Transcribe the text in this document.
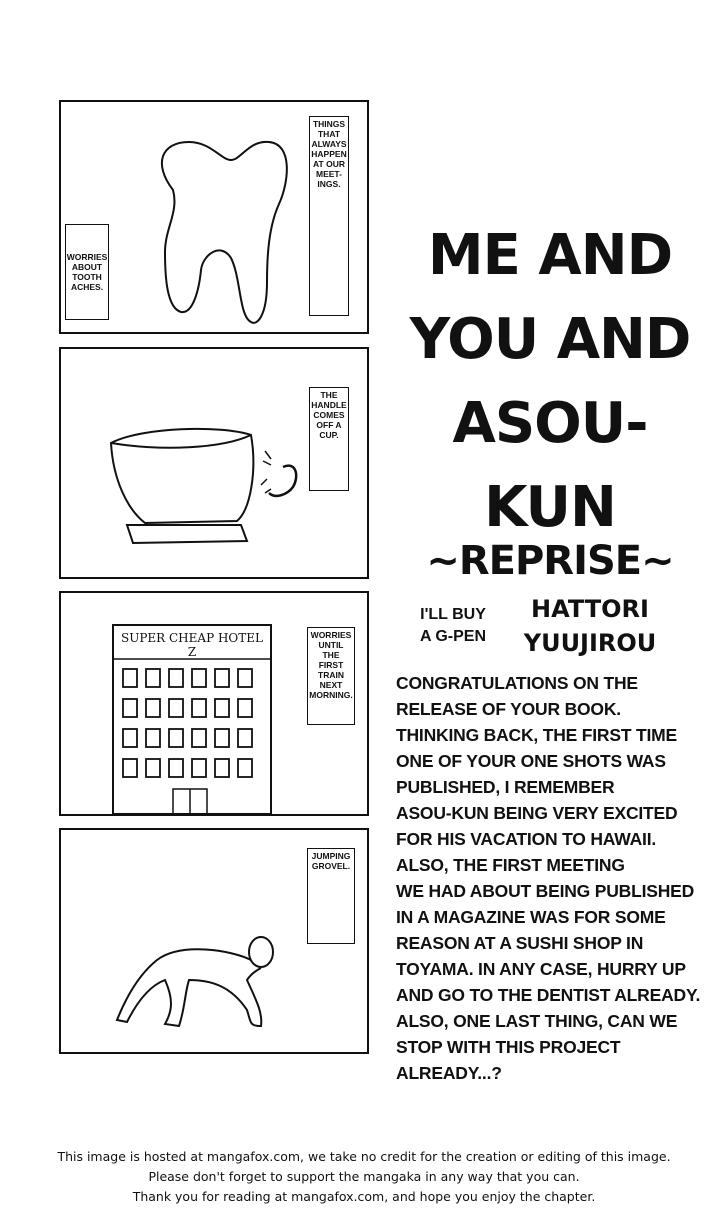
THINGS
THAT
ALWAYS
HAPPEN
AT OUR
MEET-
INGS.
WORRIES
ABOUT
TOOTH
ACHES.
THE
HANDLE
COMES
OFF A
CUP.
SUPER CHEAP HOTEL Z
WORRIES
UNTIL
THE
FIRST
TRAIN
NEXT
MORNING.
JUMPING
GROVEL.
ME AND
YOU AND
ASOU-KUN
~REPRISE~
I'LL BUY
A G-PEN
HATTORI
YUUJIROU
CONGRATULATIONS ON THE
RELEASE OF YOUR BOOK.
THINKING BACK, THE FIRST TIME
ONE OF YOUR ONE SHOTS WAS
PUBLISHED, I REMEMBER
ASOU-KUN BEING VERY EXCITED
FOR HIS VACATION TO HAWAII.
ALSO, THE FIRST MEETING
WE HAD ABOUT BEING PUBLISHED
IN A MAGAZINE WAS FOR SOME
REASON AT A SUSHI SHOP IN
TOYAMA. IN ANY CASE, HURRY UP
AND GO TO THE DENTIST ALREADY.
ALSO, ONE LAST THING, CAN WE
STOP WITH THIS PROJECT
ALREADY...?
This image is hosted at mangafox.com, we take no credit for the creation or editing of this image.
Please don't forget to support the mangaka in any way that you can.
Thank you for reading at mangafox.com, and hope you enjoy the chapter.
